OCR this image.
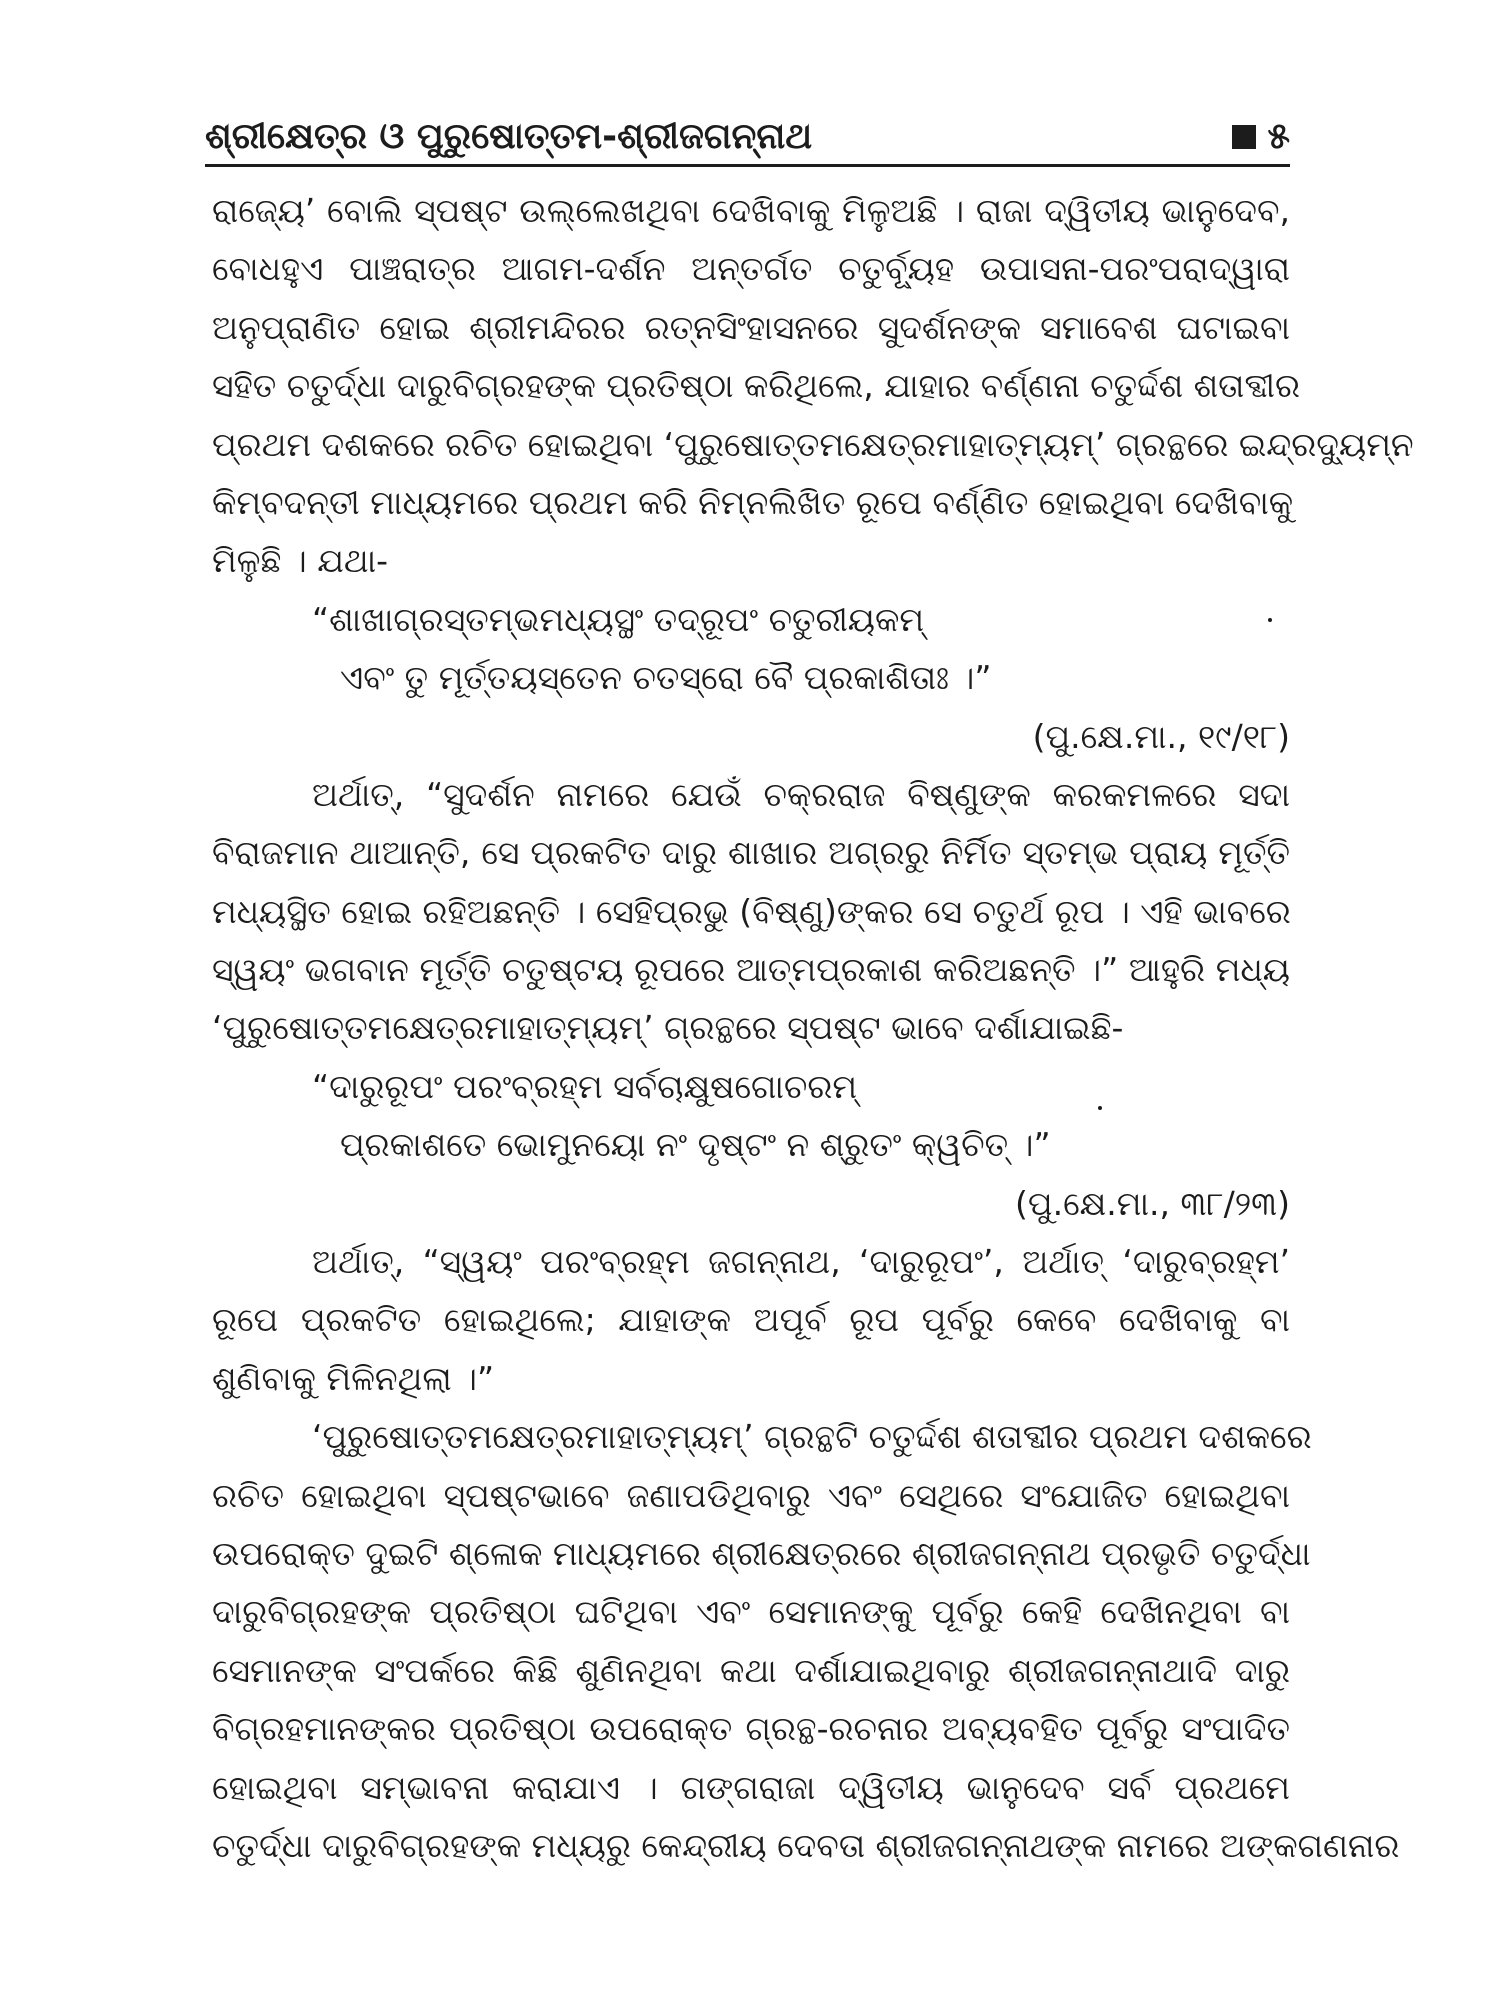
ଶ୍ରୀକ୍ଷେତ୍ର ଓ ପୁରୁଷୋତ୍ତମ-ଶ୍ରୀଜଗନ୍ନାଥ	୫
ରାଜ୍ୟେ’ ବୋଲି ସ୍ପଷ୍ଟ ଉଲ୍ଲେଖଥିବା ଦେଖିବାକୁ ମିଳୁଅଛି । ରାଜା ଦ୍ୱିତୀୟ ଭାନୁଦେବ,
ବୋଧହୁଏ ପାଞ୍ଚରାତ୍ର ଆଗମ-ଦର୍ଶନ ଅନ୍ତର୍ଗତ ଚତୁର୍ବ୍ୟୂହ ଉପାସନା-ପରଂପରାଦ୍ୱାରା
ଅନୁପ୍ରାଣିତ ହୋଇ ଶ୍ରୀମନ୍ଦିରର ରତ୍ନସିଂହାସନରେ ସୁଦର୍ଶନଙ୍କ ସମାବେଶ ଘଟାଇବା
ସହିତ ଚତୁର୍ଦ୍ଧା ଦାରୁବିଗ୍ରହଙ୍କ ପ୍ରତିଷ୍ଠା କରିଥିଲେ, ଯାହାର ବର୍ଣ୍ଣନା ଚତୁର୍ଦ୍ଦଶ ଶତାବ୍ଦୀର
ପ୍ରଥମ ଦଶକରେ ରଚିତ ହୋଇଥିବା ‘ପୁରୁଷୋତ୍ତମକ୍ଷେତ୍ରମାହାତ୍ମ୍ୟମ୍’ ଗ୍ରନ୍ଥରେ ଇନ୍ଦ୍ରଦ୍ୟୁମ୍ନ
କିମ୍ବଦନ୍ତୀ ମାଧ୍ୟମରେ ପ୍ରଥମ କରି ନିମ୍ନଲିଖିତ ରୂପେ ବର୍ଣ୍ଣିତ ହୋଇଥିବା ଦେଖିବାକୁ
ମିଳୁଛି । ଯଥା-
“ଶାଖାଗ୍ରସ୍ତମ୍ଭମଧ୍ୟସ୍ଥଂ ତଦ୍ରୂପଂ ଚତୁରୀୟକମ୍
ଏବଂ ତୁ ମୂର୍ତ୍ତୟସ୍ତେନ ଚତସ୍ରୋ ବୈ ପ୍ରକାଶିତାଃ ।”
(ପୁ.କ୍ଷେ.ମା., ୧୯/୧୮)
ଅର୍ଥାତ୍, “ସୁଦର୍ଶନ ନାମରେ ଯେଉଁ ଚକ୍ରରାଜ ବିଷ୍ଣୁଙ୍କ କରକମଳରେ ସଦା
ବିରାଜମାନ ଥାଆନ୍ତି, ସେ ପ୍ରକଟିତ ଦାରୁ ଶାଖାର ଅଗ୍ରରୁ ନିର୍ମିତ ସ୍ତମ୍ଭ ପ୍ରାୟ ମୂର୍ତ୍ତି
ମଧ୍ୟସ୍ଥିତ ହୋଇ ରହିଅଛନ୍ତି । ସେହିପ୍ରଭୁ (ବିଷ୍ଣୁ)ଙ୍କର ସେ ଚତୁର୍ଥ ରୂପ । ଏହି ଭାବରେ
ସ୍ୱୟଂ ଭଗବାନ ମୂର୍ତ୍ତି ଚତୁଷ୍ଟୟ ରୂପରେ ଆତ୍ମପ୍ରକାଶ କରିଅଛନ୍ତି ।” ଆହୁରି ମଧ୍ୟ
‘ପୁରୁଷୋତ୍ତମକ୍ଷେତ୍ରମାହାତ୍ମ୍ୟମ୍’ ଗ୍ରନ୍ଥରେ ସ୍ପଷ୍ଟ ଭାବେ ଦର୍ଶାଯାଇଛି-
“ଦାରୁରୂପଂ ପରଂବ୍ରହ୍ମ ସର୍ବଚାକ୍ଷୁଷଗୋଚରମ୍
ପ୍ରକାଶତେ ଭୋମୁନୟୋ ନଂ ଦୃଷ୍ଟଂ ନ ଶ୍ରୁତଂ କ୍ୱଚିତ୍ ।”
(ପୁ.କ୍ଷେ.ମା., ୩୮/୨୩)
ଅର୍ଥାତ୍, “ସ୍ୱୟଂ ପରଂବ୍ରହ୍ମ ଜଗନ୍ନାଥ, ‘ଦାରୁରୂପଂ’, ଅର୍ଥାତ୍ ‘ଦାରୁବ୍ରହ୍ମ’
ରୂପେ ପ୍ରକଟିତ ହୋଇଥିଲେ; ଯାହାଙ୍କ ଅପୂର୍ବ ରୂପ ପୂର୍ବରୁ କେବେ ଦେଖିବାକୁ ବା
ଶୁଣିବାକୁ ମିଳିନଥିଲା ।”
‘ପୁରୁଷୋତ୍ତମକ୍ଷେତ୍ରମାହାତ୍ମ୍ୟମ୍’ ଗ୍ରନ୍ଥଟି ଚତୁର୍ଦ୍ଦଶ ଶତାବ୍ଦୀର ପ୍ରଥମ ଦଶକରେ
ରଚିତ ହୋଇଥିବା ସ୍ପଷ୍ଟଭାବେ ଜଣାପଡିଥିବାରୁ ଏବଂ ସେଥିରେ ସଂଯୋଜିତ ହୋଇଥିବା
ଉପରୋକ୍ତ ଦୁଇଟି ଶ୍ଳୋକ ମାଧ୍ୟମରେ ଶ୍ରୀକ୍ଷେତ୍ରରେ ଶ୍ରୀଜଗନ୍ନାଥ ପ୍ରଭୃତି ଚତୁର୍ଦ୍ଧା
ଦାରୁବିଗ୍ରହଙ୍କ ପ୍ରତିଷ୍ଠା ଘଟିଥିବା ଏବଂ ସେମାନଙ୍କୁ ପୂର୍ବରୁ କେହି ଦେଖିନଥିବା ବା
ସେମାନଙ୍କ ସଂପର୍କରେ କିଛି ଶୁଣିନଥିବା କଥା ଦର୍ଶାଯାଇଥିବାରୁ ଶ୍ରୀଜଗନ୍ନାଥାଦି ଦାରୁ
ବିଗ୍ରହମାନଙ୍କର ପ୍ରତିଷ୍ଠା ଉପରୋକ୍ତ ଗ୍ରନ୍ଥ-ରଚନାର ଅବ୍ୟବହିତ ପୂର୍ବରୁ ସଂପାଦିତ
ହୋଇଥିବା ସମ୍ଭାବନା କରାଯାଏ । ଗଙ୍ଗରାଜା ଦ୍ୱିତୀୟ ଭାନୁଦେବ ସର୍ବ ପ୍ରଥମେ
ଚତୁର୍ଦ୍ଧା ଦାରୁବିଗ୍ରହଙ୍କ ମଧ୍ୟରୁ କେନ୍ଦ୍ରୀୟ ଦେବତା ଶ୍ରୀଜଗନ୍ନାଥଙ୍କ ନାମରେ ଅଙ୍କଗଣନାର
